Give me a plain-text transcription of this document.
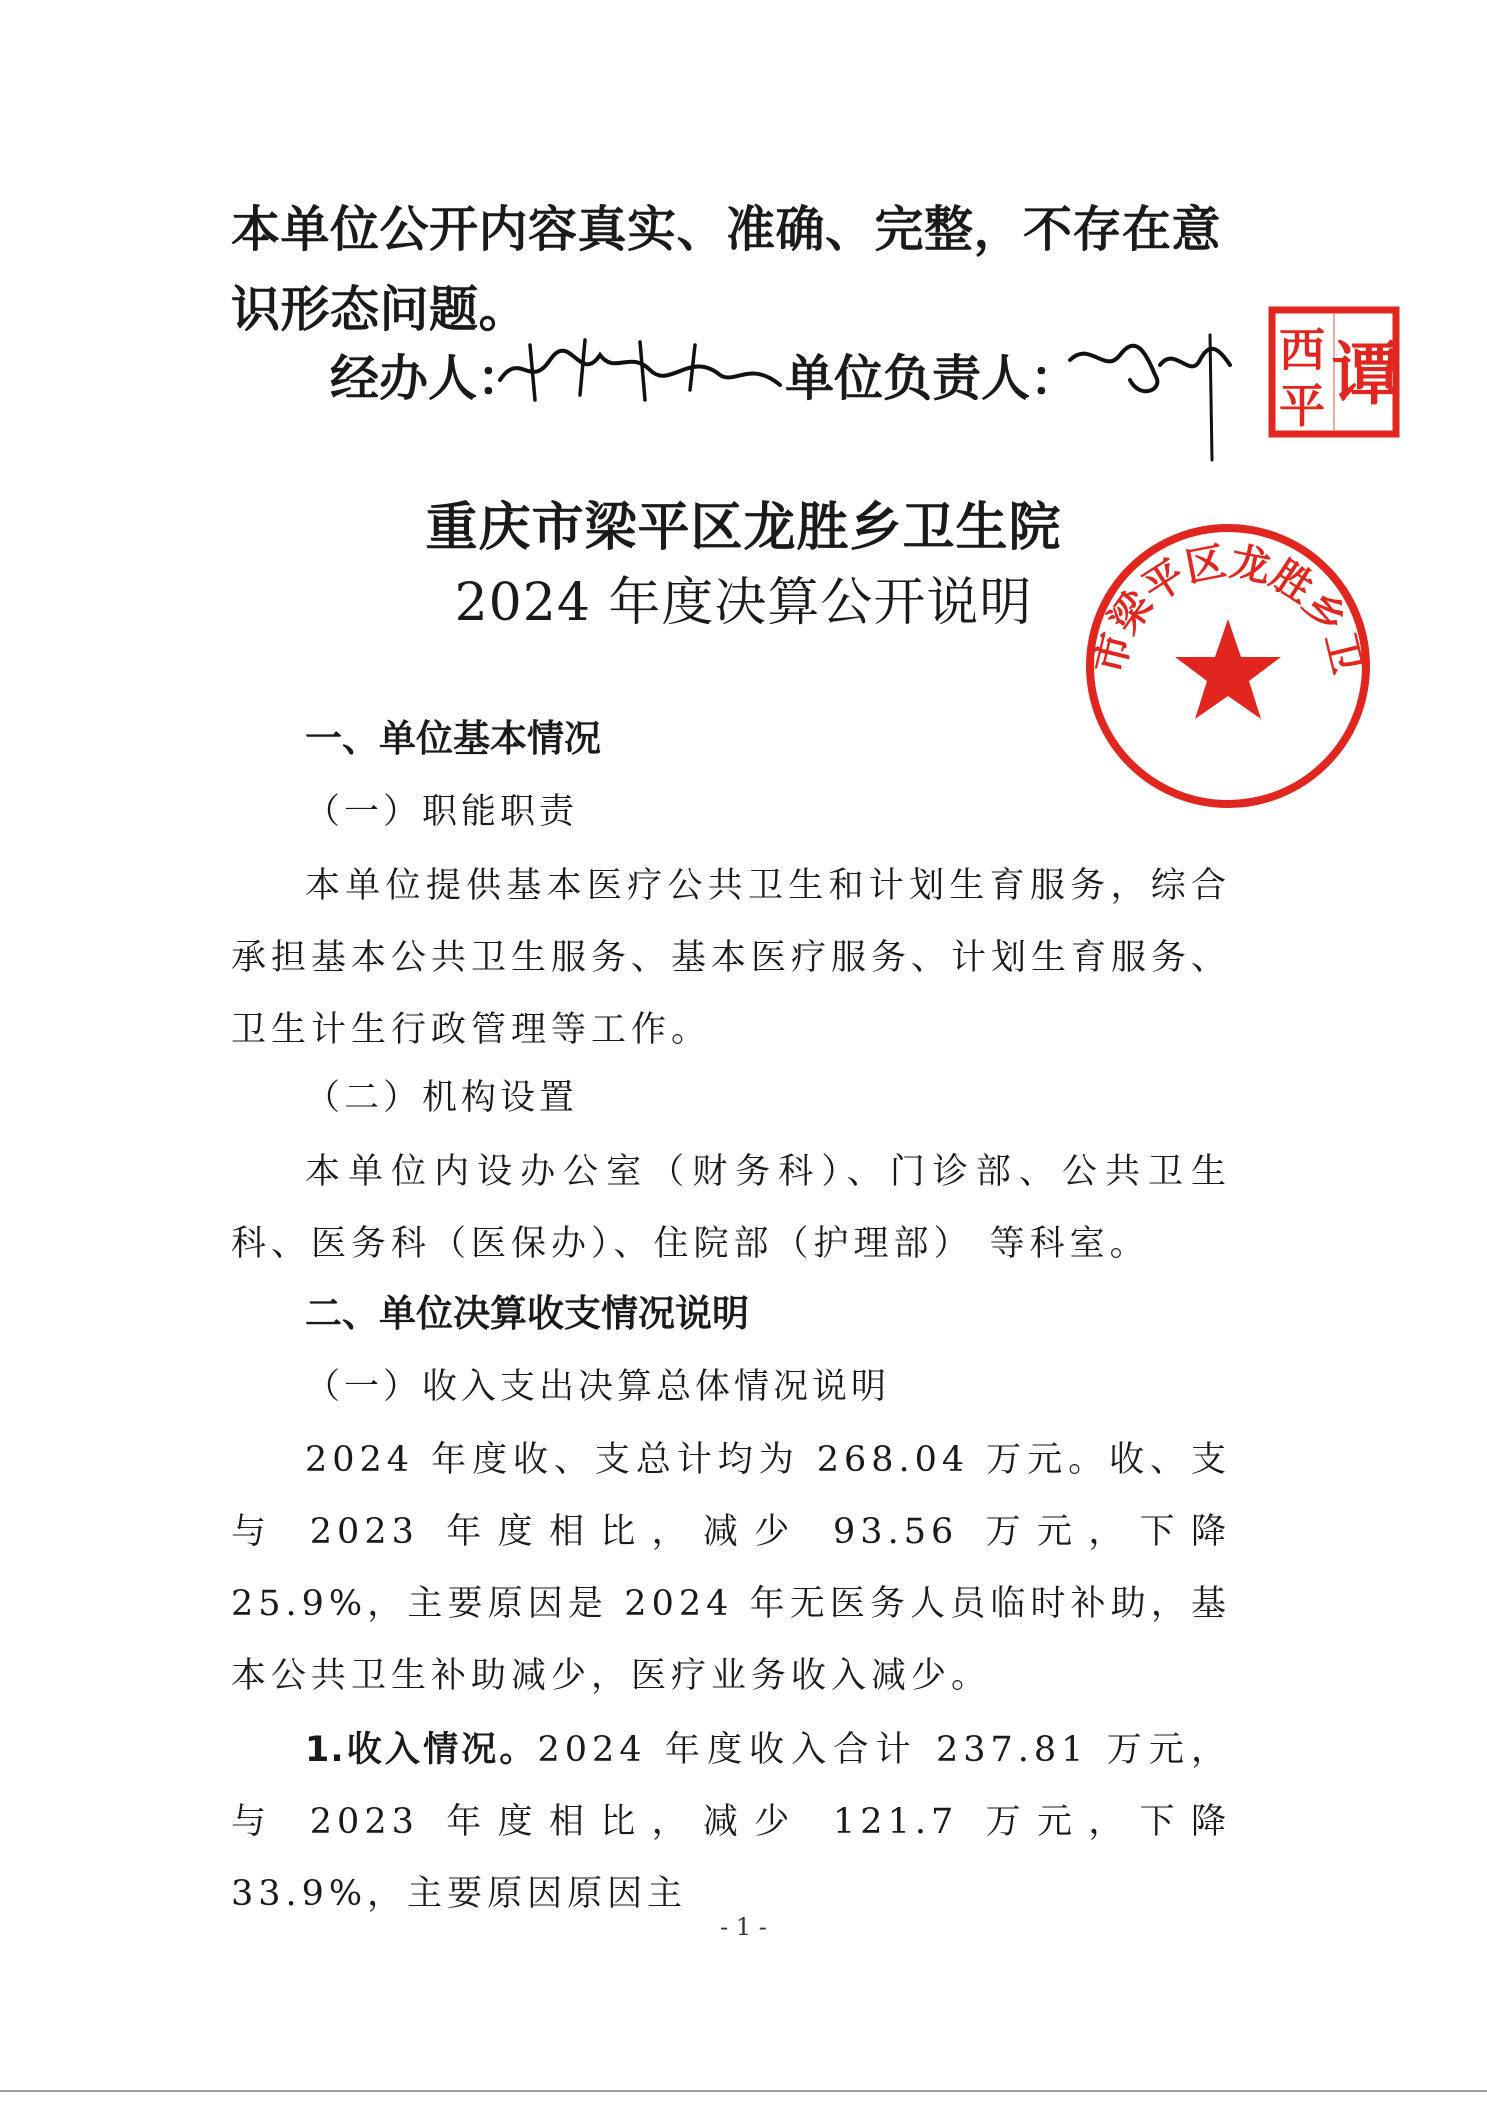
本单位公开内容真实、准确、完整，不存在意识形态问题。
经办人：	单位负责人：	西 谭
平
重庆市梁平区龙胜乡卫生院
2024 年度决算公开说明
市梁平区龙胜乡卫
一、单位基本情况
（一）职能职责
本单位提供基本医疗公共卫生和计划生育服务，综合承担基本公共卫生服务、基本医疗服务、计划生育服务、卫生计生行政管理等工作。
（二）机构设置
本单位内设办公室（财务科）、门诊部、公共卫生科、医务科（医保办）、住院部（护理部） 等科室。
二、单位决算收支情况说明
（一）收入支出决算总体情况说明
2024 年度收、支总计均为 268.04 万元。收、支与 2023 年度相比，减少 93.56 万元，下降 25.9%，主要原因是 2024 年无医务人员临时补助，基本公共卫生补助减少，医疗业务收入减少。
1.收入情况。2024 年度收入合计 237.81 万元，与 2023 年度相比，减少 121.7 万元，下降 33.9%，主要原因原因主
- 1 -
